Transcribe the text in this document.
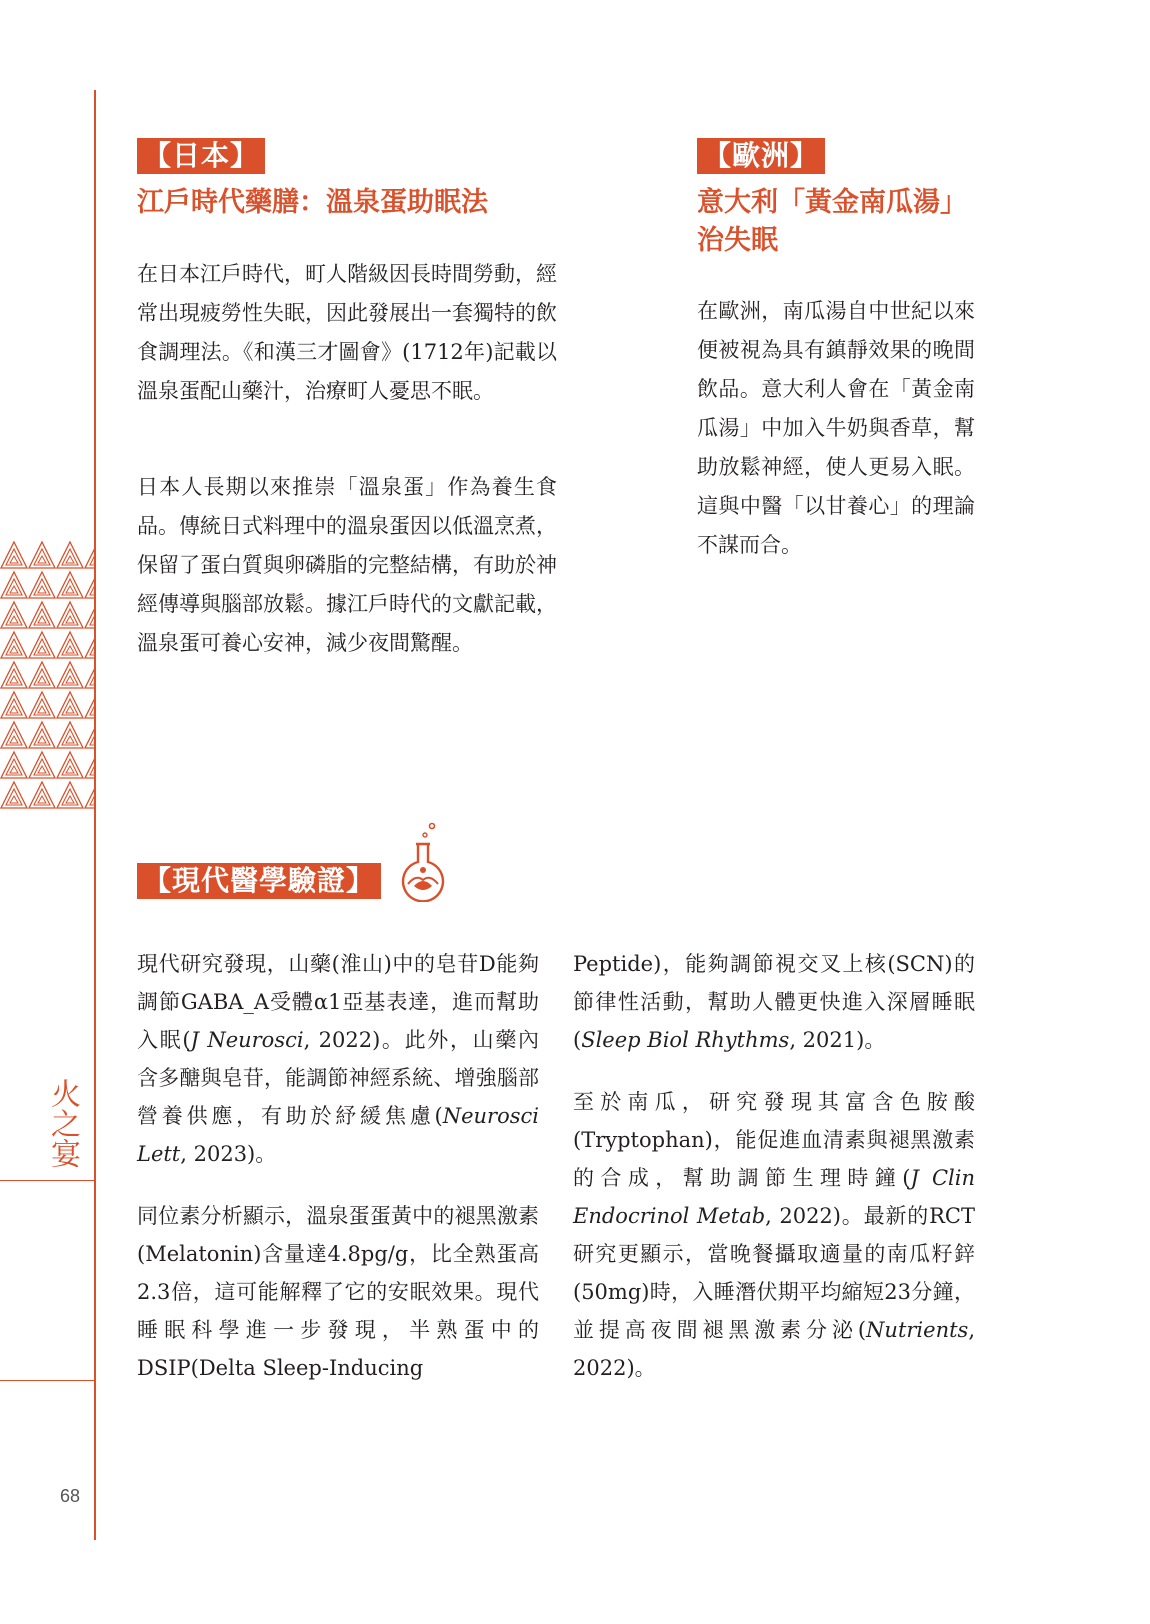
火之宴
68
【日本】
江戶時代藥膳：溫泉蛋助眠法

在日本江戶時代，町人階級因長時間勞動，經常出現疲勞性失眠，因此發展出一套獨特的飲食調理法。《和漢三才圖會》(1712年)記載以溫泉蛋配山藥汁，治療町人憂思不眠。

日本人長期以來推崇「溫泉蛋」作為養生食品。傳統日式料理中的溫泉蛋因以低溫烹煮，保留了蛋白質與卵磷脂的完整結構，有助於神經傳導與腦部放鬆。據江戶時代的文獻記載，溫泉蛋可養心安神，減少夜間驚醒。

【歐洲】
意大利「黃金南瓜湯」
治失眠

在歐洲，南瓜湯自中世紀以來便被視為具有鎮靜效果的晚間飲品。意大利人會在「黃金南瓜湯」中加入牛奶與香草，幫助放鬆神經，使人更易入眠。這與中醫「以甘養心」的理論不謀而合。

【現代醫學驗證】

現代研究發現，山藥(淮山)中的皂苷D能夠調節GABA_A受體α1亞基表達，進而幫助入眠(J Neurosci, 2022)。此外，山藥內含多醣與皂苷，能調節神經系統、增強腦部營養供應，有助於紓緩焦慮(Neurosci Lett, 2023)。

同位素分析顯示，溫泉蛋蛋黃中的褪黑激素(Melatonin)含量達4.8pg/g，比全熟蛋高2.3倍，這可能解釋了它的安眠效果。現代睡眠科學進一步發現，半熟蛋中的DSIP(Delta Sleep-Inducing

Peptide)，能夠調節視交叉上核(SCN)的節律性活動，幫助人體更快進入深層睡眠(Sleep Biol Rhythms, 2021)。

至於南瓜，研究發現其富含色胺酸(Tryptophan)，能促進血清素與褪黑激素的合成，幫助調節生理時鐘(J Clin Endocrinol Metab, 2022)。最新的RCT研究更顯示，當晚餐攝取適量的南瓜籽鋅(50mg)時，入睡潛伏期平均縮短23分鐘，並提高夜間褪黑激素分泌(Nutrients, 2022)。
